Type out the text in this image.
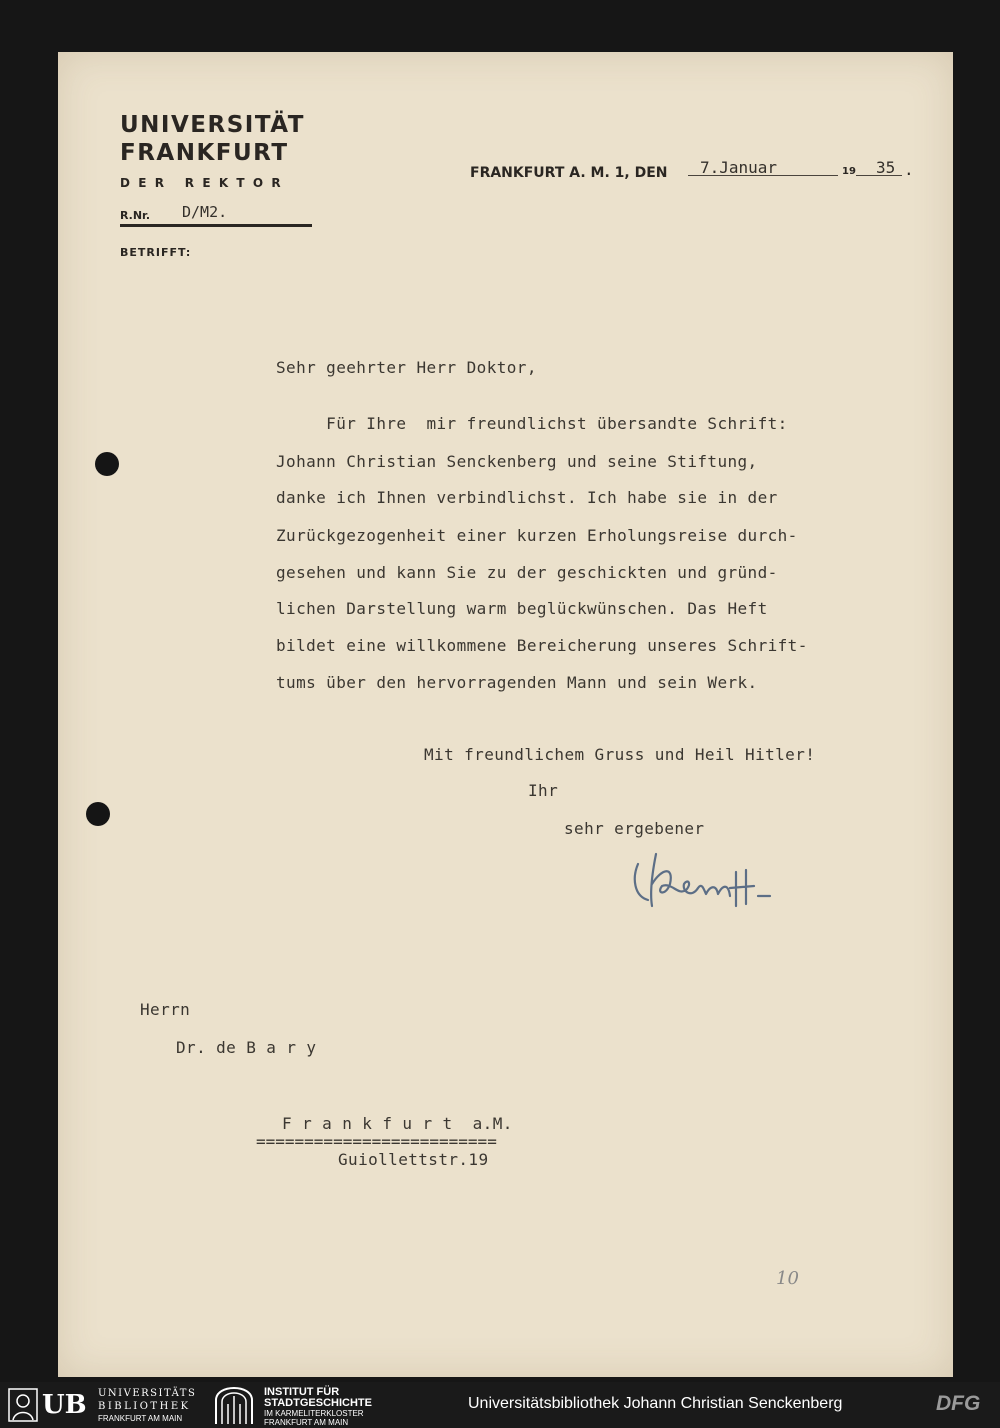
UNIVERSITÄT
FRANKFURT
DER REKTOR
R.Nr. D/M2.
BETRIFFT:
FRANKFURT A. M. 1, DEN	7.Januar	19	35 .
Sehr geehrter Herr Doktor,
Für Ihre  mir freundlichst übersandte Schrift:
Johann Christian Senckenberg und seine Stiftung,
danke ich Ihnen verbindlichst. Ich habe sie in der
Zurückgezogenheit einer kurzen Erholungsreise durch-
gesehen und kann Sie zu der geschickten und gründ-
lichen Darstellung warm beglückwünschen. Das Heft
bildet eine willkommene Bereicherung unseres Schrift-
tums über den hervorragenden Mann und sein Werk.
Mit freundlichem Gruss und Heil Hitler!
Ihr
sehr ergebener
Herrn
Dr. de B a r y
F r a n k f u r t  a.M.
=========================
Guiollettstr.19
10
UB UNIVERSITÄTS
BIBLIOTHEK
FRANKFURT AM MAIN
INSTITUT FÜR
STADTGESCHICHTE
IM KARMELITERKLOSTER
FRANKFURT AM MAIN
Universitätsbibliothek Johann Christian Senckenberg	DFG
